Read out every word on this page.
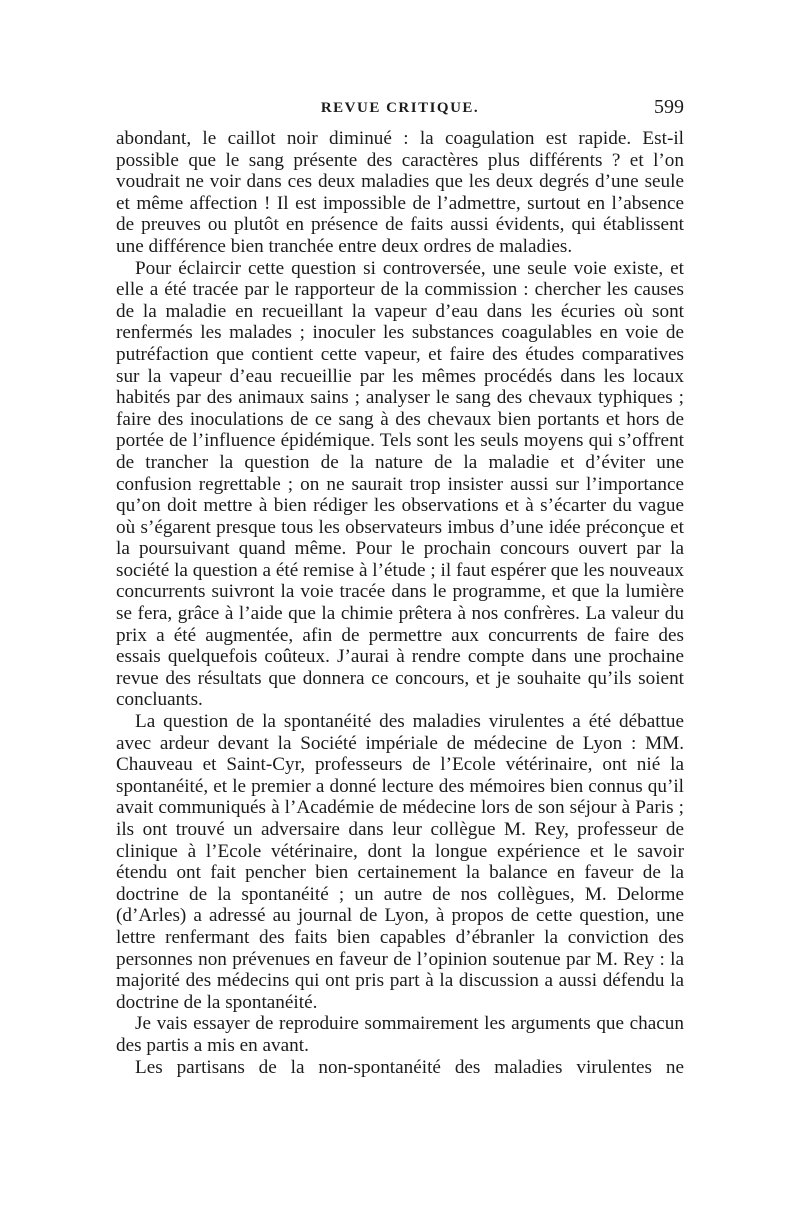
REVUE CRITIQUE.	599

abondant, le caillot noir diminué : la coagulation est rapide. Est-il possible que le sang présente des caractères plus différents ? et l’on voudrait ne voir dans ces deux maladies que les deux degrés d’une seule et même affection ! Il est impossible de l’admettre, surtout en l’absence de preuves ou plutôt en présence de faits aussi évidents, qui établissent une différence bien tranchée entre deux ordres de maladies.

Pour éclaircir cette question si controversée, une seule voie existe, et elle a été tracée par le rapporteur de la commission : chercher les causes de la maladie en recueillant la vapeur d’eau dans les écuries où sont renfermés les malades ; inoculer les substances coagulables en voie de putréfaction que contient cette vapeur, et faire des études comparatives sur la vapeur d’eau recueillie par les mêmes procédés dans les locaux habités par des animaux sains ; analyser le sang des chevaux typhiques ; faire des inoculations de ce sang à des chevaux bien portants et hors de portée de l’influence épidémique. Tels sont les seuls moyens qui s’offrent de trancher la question de la nature de la maladie et d’éviter une confusion regrettable ; on ne saurait trop insister aussi sur l’importance qu’on doit mettre à bien rédiger les observations et à s’écarter du vague où s’égarent presque tous les observateurs imbus d’une idée préconçue et la poursuivant quand même. Pour le prochain concours ouvert par la société la question a été remise à l’étude ; il faut espérer que les nouveaux concurrents suivront la voie tracée dans le programme, et que la lumière se fera, grâce à l’aide que la chimie prêtera à nos confrères. La valeur du prix a été augmentée, afin de permettre aux concurrents de faire des essais quelquefois coûteux. J’aurai à rendre compte dans une prochaine revue des résultats que donnera ce concours, et je souhaite qu’ils soient concluants.

La question de la spontanéité des maladies virulentes a été débattue avec ardeur devant la Société impériale de médecine de Lyon : MM. Chauveau et Saint-Cyr, professeurs de l’Ecole vétérinaire, ont nié la spontanéité, et le premier a donné lecture des mémoires bien connus qu’il avait communiqués à l’Académie de médecine lors de son séjour à Paris ; ils ont trouvé un adversaire dans leur collègue M. Rey, professeur de clinique à l’Ecole vétérinaire, dont la longue expérience et le savoir étendu ont fait pencher bien certainement la balance en faveur de la doctrine de la spontanéité ; un autre de nos collègues, M. Delorme (d’Arles) a adressé au journal de Lyon, à propos de cette question, une lettre renfermant des faits bien capables d’ébranler la conviction des personnes non prévenues en faveur de l’opinion soutenue par M. Rey : la majorité des médecins qui ont pris part à la discussion a aussi défendu la doctrine de la spontanéité.

Je vais essayer de reproduire sommairement les arguments que chacun des partis a mis en avant.

Les partisans de la non-spontanéité des maladies virulentes ne
